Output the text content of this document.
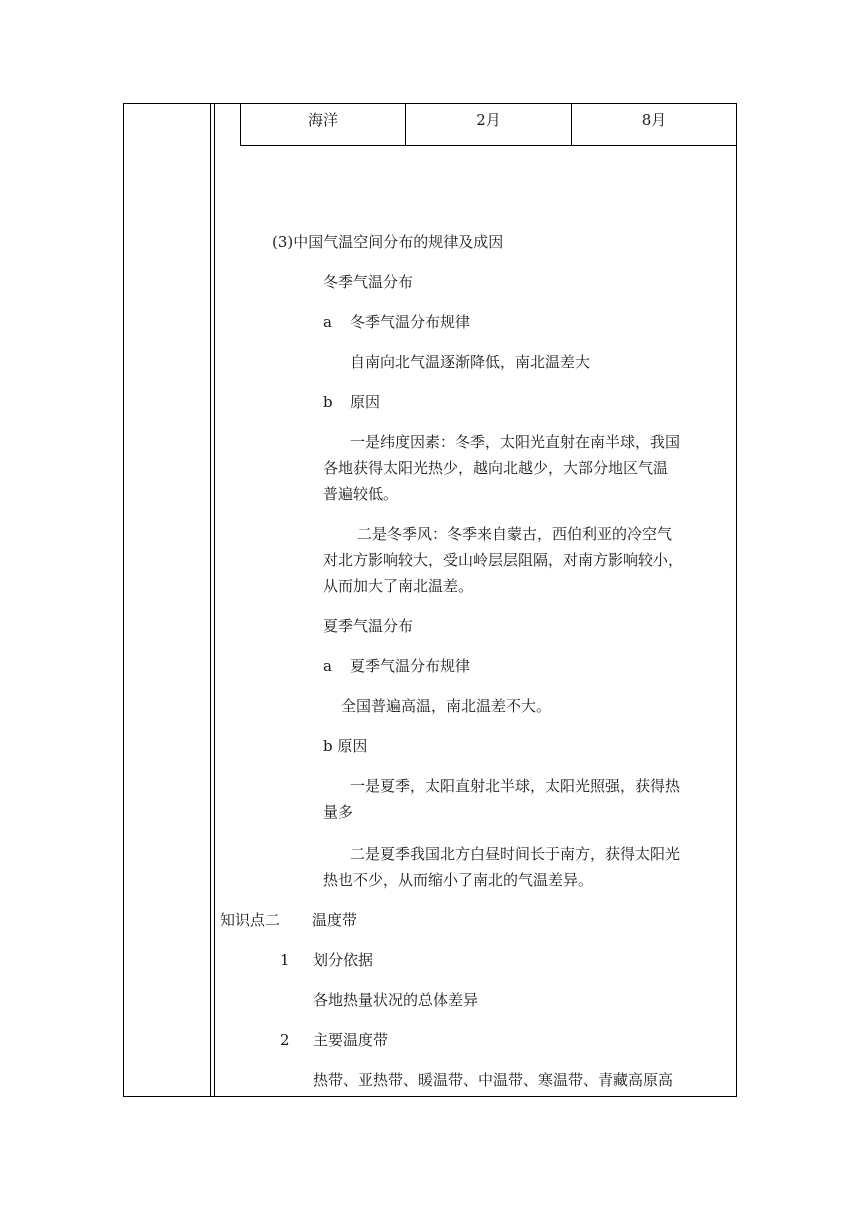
海洋	2月	8月
(3)中国气温空间分布的规律及成因
冬季气温分布
a 冬季气温分布规律
自南向北气温逐渐降低，南北温差大
b 原因
一是纬度因素：冬季，太阳光直射在南半球，我国
各地获得太阳光热少，越向北越少，大部分地区气温
普遍较低。
二是冬季风：冬季来自蒙古，西伯利亚的冷空气
对北方影响较大，受山岭层层阻隔，对南方影响较小，
从而加大了南北温差。
夏季气温分布
a 夏季气温分布规律
全国普遍高温，南北温差不大。
b 原因
一是夏季，太阳直射北半球，太阳光照强，获得热
量多
二是夏季我国北方白昼时间长于南方，获得太阳光
热也不少，从而缩小了南北的气温差异。
知识点二 温度带
1 划分依据
各地热量状况的总体差异
2 主要温度带
热带、亚热带、暖温带、中温带、寒温带、青藏高原高
